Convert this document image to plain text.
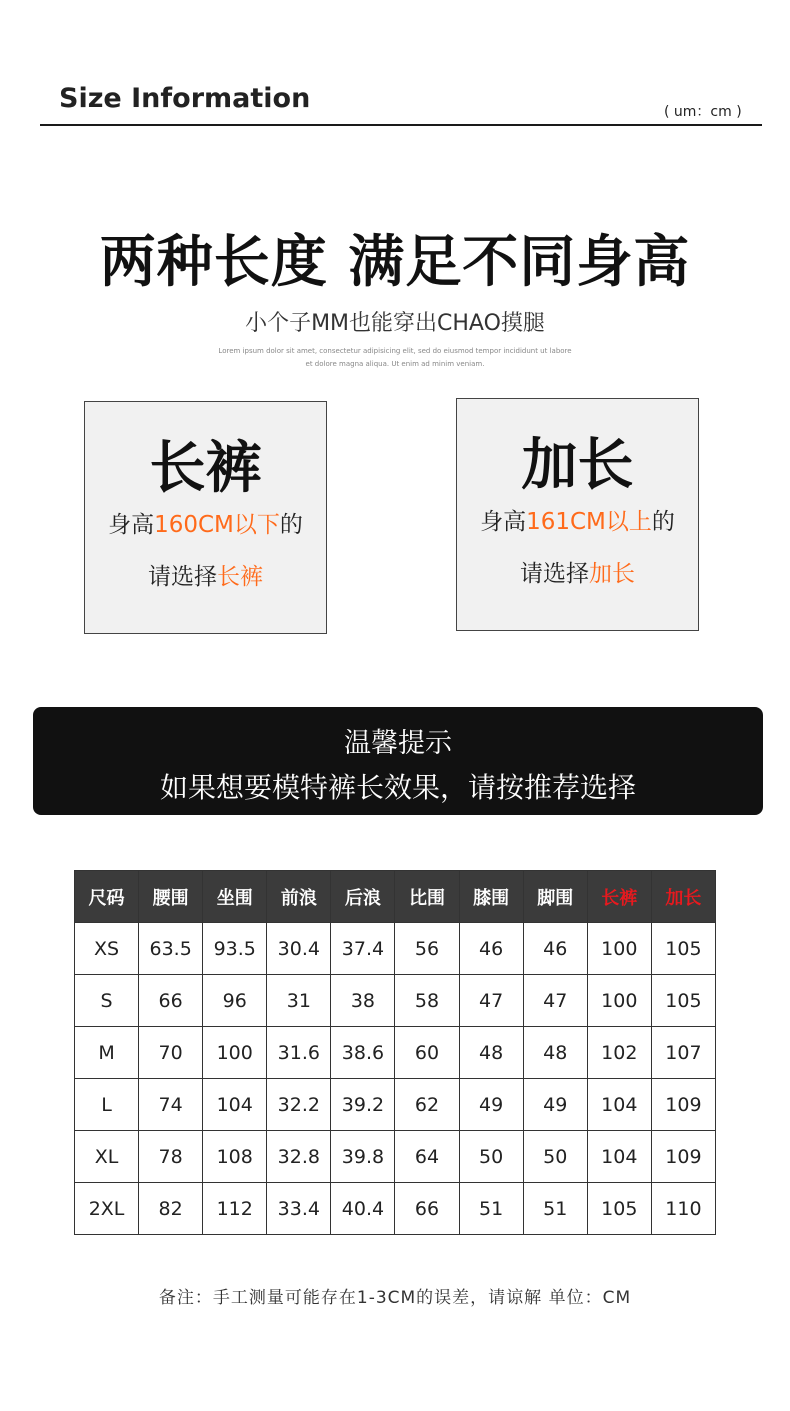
Size Information	( um：cm )
两种长度 满足不同身高
小个子MM也能穿出CHAO摸腿
Lorem ipsum dolor sit amet, consectetur adipisicing elit, sed do eiusmod tempor incididunt ut labore
et dolore magna aliqua. Ut enim ad minim veniam.
长裤
身高160CM以下的
请选择长裤
加长
身高161CM以上的
请选择加长
温馨提示
如果想要模特裤长效果，请按推荐选择
尺码	腰围	坐围	前浪	后浪	比围	膝围	脚围	长裤	加长
XS	63.5	93.5	30.4	37.4	56	46	46	100	105
S	66	96	31	38	58	47	47	100	105
M	70	100	31.6	38.6	60	48	48	102	107
L	74	104	32.2	39.2	62	49	49	104	109
XL	78	108	32.8	39.8	64	50	50	104	109
2XL	82	112	33.4	40.4	66	51	51	105	110
备注：手工测量可能存在1-3CM的误差，请谅解 单位：CM
